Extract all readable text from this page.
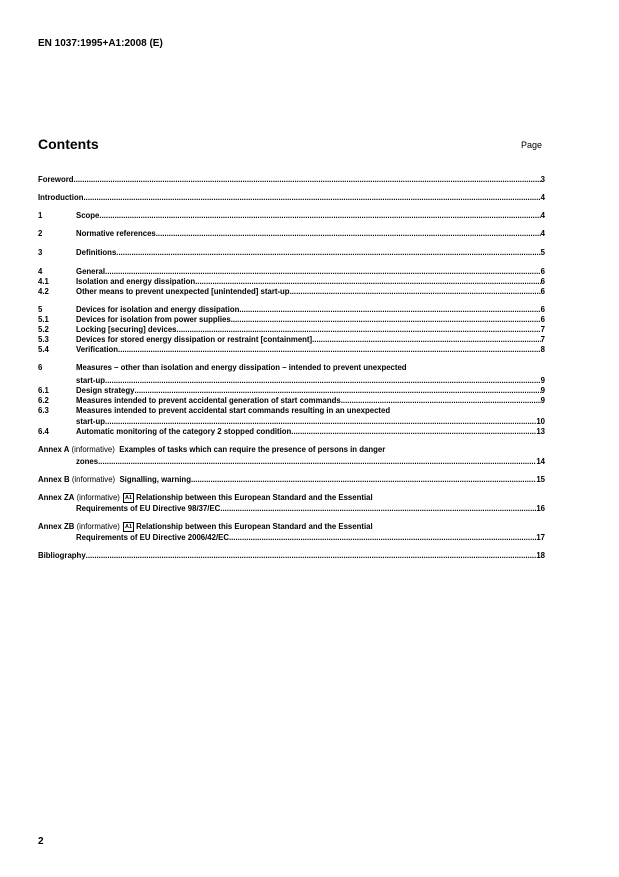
EN 1037:1995+A1:2008 (E)
Contents	Page
Foreword .....	3
Introduction .....	4
1	Scope .....	4
2	Normative references .....	4
3	Definitions .....	5
4	General .....	6
4.1	Isolation and energy dissipation .....	6
4.2	Other means to prevent unexpected [unintended] start-up .....	6
5	Devices for isolation and energy dissipation .....	6
5.1	Devices for isolation from power supplies .....	6
5.2	Locking [securing] devices .....	7
5.3	Devices for stored energy dissipation or restraint [containment] .....	7
5.4	Verification .....	8
6	Measures – other than isolation and energy dissipation – intended to prevent unexpected
start-up .....	9
6.1	Design strategy .....	9
6.2	Measures intended to prevent accidental generation of start commands .....	9
6.3	Measures intended to prevent accidental start commands resulting in an unexpected
start-up .....	10
6.4	Automatic monitoring of the category 2 stopped condition .....	13
Annex A
(informative)
Examples of tasks which can require the presence of persons in danger
zones .....	14
Annex B
(informative)
Signalling, warning .....	15
Annex ZA
(informative)
A1 Relationship between this European Standard and the Essential
Requirements of EU Directive 98/37/EC .....	16
Annex ZB
(informative)
A1 Relationship between this European Standard and the Essential
Requirements of EU Directive 2006/42/EC .....	17
Bibliography .....	18
2
